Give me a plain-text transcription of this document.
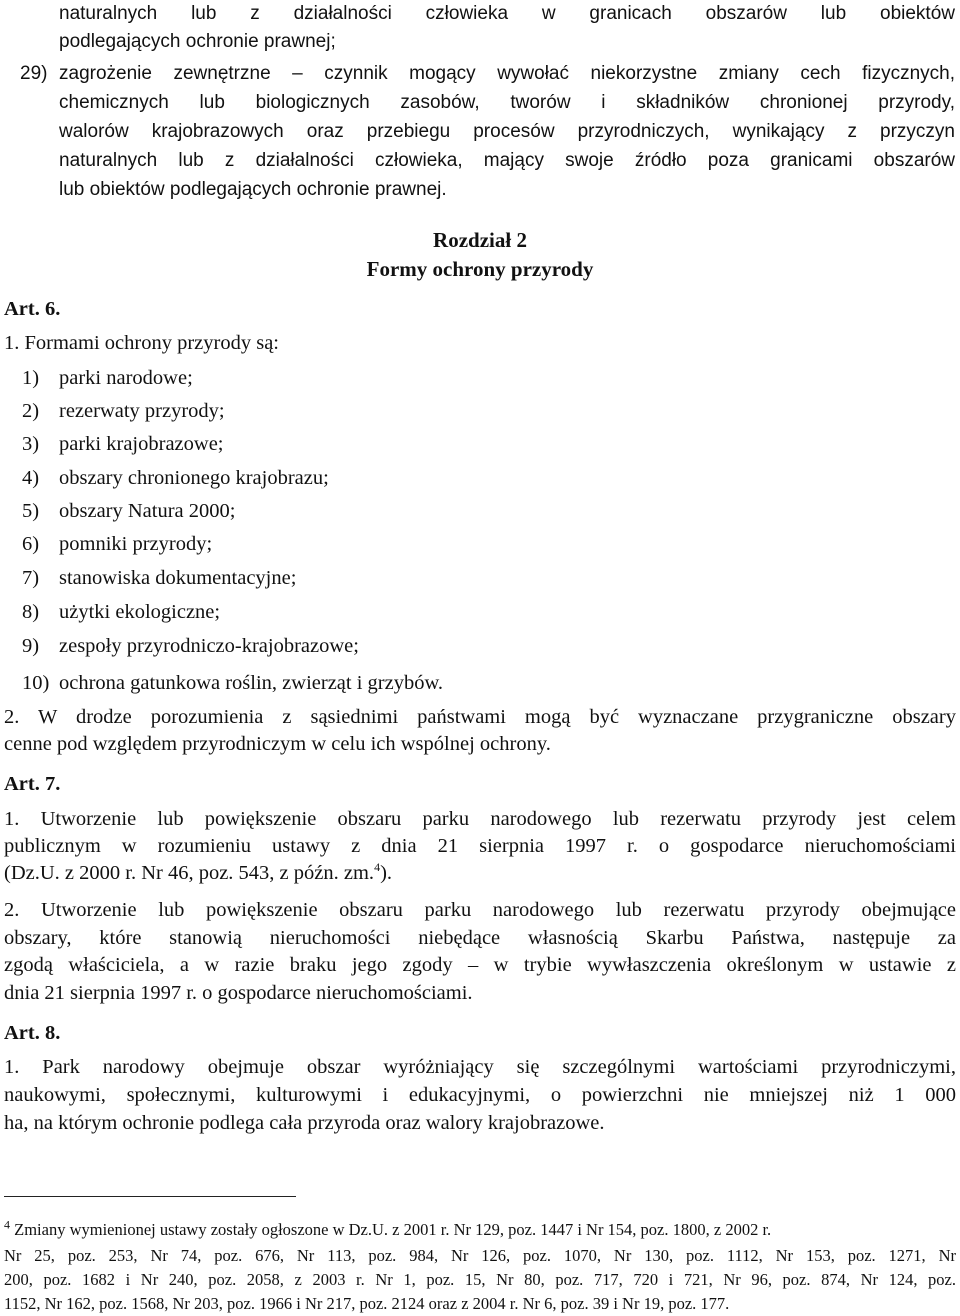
naturalnych lub z działalności człowieka w granicach obszarów lub obiektów
podlegających ochronie prawnej;
29) zagrożenie zewnętrzne – czynnik mogący wywołać niekorzystne zmiany cech fizycznych,
chemicznych lub biologicznych zasobów, tworów i składników chronionej przyrody,
walorów krajobrazowych oraz przebiegu procesów przyrodniczych, wynikający z przyczyn
naturalnych lub z działalności człowieka, mający swoje źródło poza granicami obszarów
lub obiektów podlegających ochronie prawnej.
Rozdział 2
Formy ochrony przyrody
Art. 6.
1. Formami ochrony przyrody są:
1) parki narodowe;
2) rezerwaty przyrody;
3) parki krajobrazowe;
4) obszary chronionego krajobrazu;
5) obszary Natura 2000;
6) pomniki przyrody;
7) stanowiska dokumentacyjne;
8) użytki ekologiczne;
9) zespoły przyrodniczo-krajobrazowe;
10) ochrona gatunkowa roślin, zwierząt i grzybów.
2. W drodze porozumienia z sąsiednimi państwami mogą być wyznaczane przygraniczne obszary
cenne pod względem przyrodniczym w celu ich wspólnej ochrony.
Art. 7.
1. Utworzenie lub powiększenie obszaru parku narodowego lub rezerwatu przyrody jest celem
publicznym w rozumieniu ustawy z dnia 21 sierpnia 1997 r. o gospodarce nieruchomościami
(Dz.U. z 2000 r. Nr 46, poz. 543, z późn. zm.$^4$).
2. Utworzenie lub powiększenie obszaru parku narodowego lub rezerwatu przyrody obejmujące
obszary, które stanowią nieruchomości niebędące własnością Skarbu Państwa, następuje za
zgodą właściciela, a w razie braku jego zgody – w trybie wywłaszczenia określonym w ustawie z
dnia 21 sierpnia 1997 r. o gospodarce nieruchomościami.
Art. 8.
1. Park narodowy obejmuje obszar wyróżniający się szczególnymi wartościami przyrodniczymi,
naukowymi, społecznymi, kulturowymi i edukacyjnymi, o powierzchni nie mniejszej niż 1 000
ha, na którym ochronie podlega cała przyroda oraz walory krajobrazowe.
$^4$ Zmiany wymienionej ustawy zostały ogłoszone w Dz.U. z 2001 r. Nr 129, poz. 1447 i Nr 154, poz. 1800, z 2002 r.
Nr 25, poz. 253, Nr 74, poz. 676, Nr 113, poz. 984, Nr 126, poz. 1070, Nr 130, poz. 1112, Nr 153, poz. 1271, Nr
200, poz. 1682 i Nr 240, poz. 2058, z 2003 r. Nr 1, poz. 15, Nr 80, poz. 717, 720 i 721, Nr 96, poz. 874, Nr 124, poz.
1152, Nr 162, poz. 1568, Nr 203, poz. 1966 i Nr 217, poz. 2124 oraz z 2004 r. Nr 6, poz. 39 i Nr 19, poz. 177.
